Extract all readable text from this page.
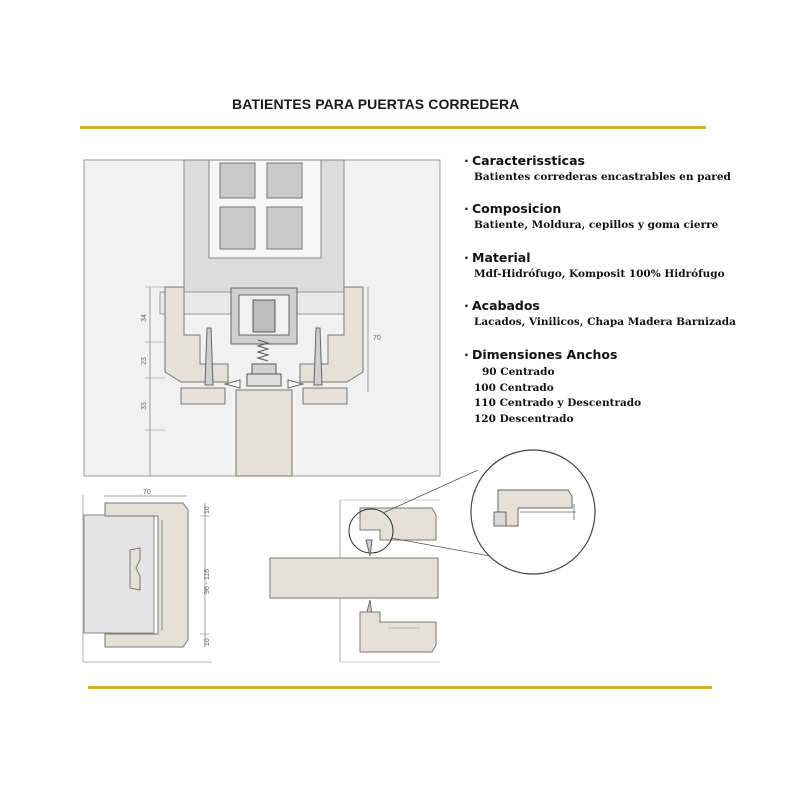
BATIENTES PARA PUERTAS CORREDERA
· Caracterissticas
Batientes correderas encastrables en pared
· Composicion
Batiente, Moldura, cepillos y goma cierre
· Material
Mdf-Hidrófugo, Komposit 100% Hidrófugo
· Acabados
Lacados, Vinilicos, Chapa Madera Barnizada
· Dimensiones Anchos
90 Centrado
100 Centrado
110 Centrado y Descentrado
120 Descentrado
34
23
33
70
70
10
96 - 116
10
